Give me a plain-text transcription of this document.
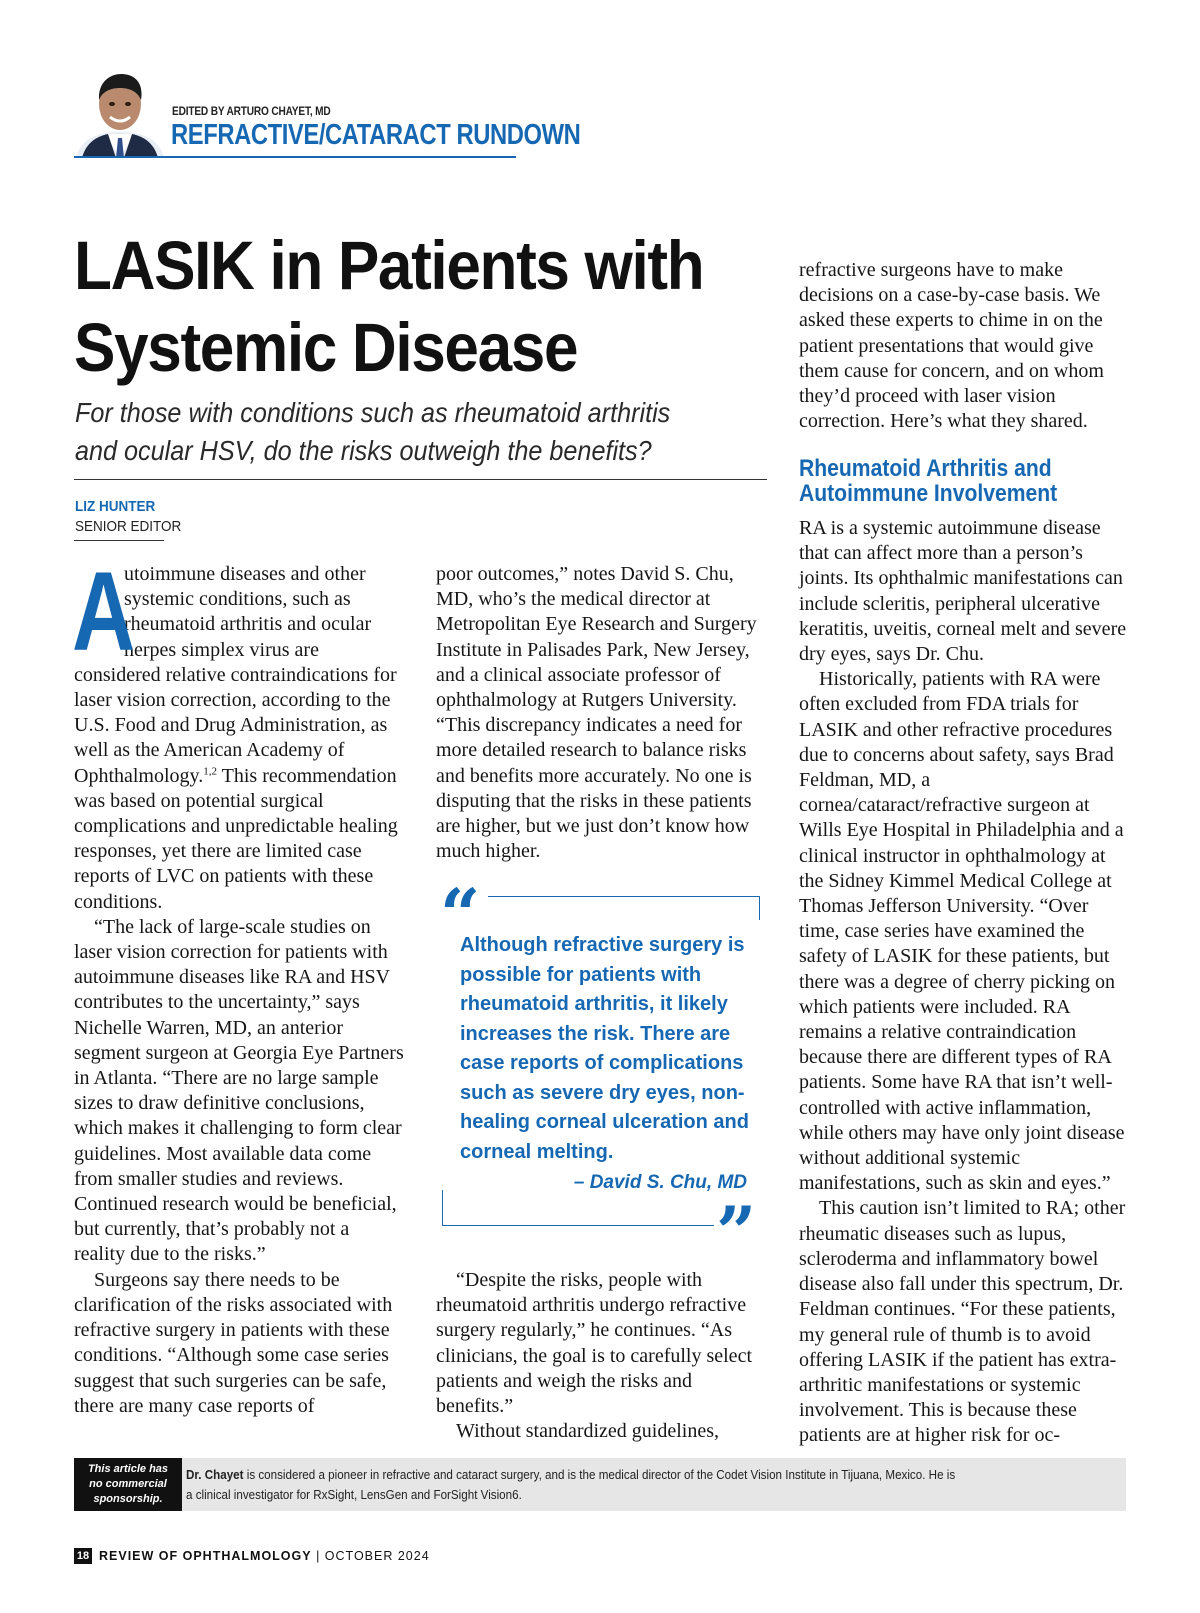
EDITED BY ARTURO CHAYET, MD
REFRACTIVE/CATARACT RUNDOWN
LASIK in Patients with Systemic Disease
For those with conditions such as rheumatoid arthritis and ocular HSV, do the risks outweigh the benefits?
LIZ HUNTER
SENIOR EDITOR

A
utoimmune diseases and other systemic conditions, such as rheumatoid arthritis and ocular herpes simplex virus are considered relative contraindications for laser vision correction, according to the U.S. Food and Drug Administration, as well as the American Academy of Ophthalmology.$^{1,2}$ This recommendation was based on potential surgical complications and unpredictable healing responses, yet there are limited case reports of LVC on patients with these conditions.

“The lack of large-scale studies on laser vision correction for patients with autoimmune diseases like RA and HSV contributes to the uncertainty,” says Nichelle Warren, MD, an anterior segment surgeon at Georgia Eye Partners in Atlanta. “There are no large sample sizes to draw definitive conclusions, which makes it challenging to form clear guidelines. Most available data come from smaller studies and reviews. Continued research would be beneficial, but currently, that’s probably not a reality due to the risks.”

Surgeons say there needs to be clarification of the risks associated with refractive surgery in patients with these conditions. “Although some case series suggest that such surgeries can be safe, there are many case reports of

poor outcomes,” notes David S. Chu, MD, who’s the medical director at Metropolitan Eye Research and Surgery Institute in Palisades Park, New Jersey, and a clinical associate professor of ophthalmology at Rutgers University. “This discrepancy indicates a need for more detailed research to balance risks and benefits more accurately. No one is disputing that the risks in these patients are higher, but we just don’t know how much higher.

“
Although refractive surgery is possible for patients with rheumatoid arthritis, it likely increases the risk. There are case reports of complications such as severe dry eyes, non-healing corneal ulceration and corneal melting.
– David S. Chu, MD
”

“Despite the risks, people with rheumatoid arthritis undergo refractive surgery regularly,” he continues. “As clinicians, the goal is to carefully select patients and weigh the risks and benefits.”

Without standardized guidelines,

refractive surgeons have to make decisions on a case-by-case basis. We asked these experts to chime in on the patient presentations that would give them cause for concern, and on whom they’d proceed with laser vision correction. Here’s what they shared.

Rheumatoid Arthritis and Autoimmune Involvement

RA is a systemic autoimmune disease that can affect more than a person’s joints. Its ophthalmic manifestations can include scleritis, peripheral ulcerative keratitis, uveitis, corneal melt and severe dry eyes, says Dr. Chu.

Historically, patients with RA were often excluded from FDA trials for LASIK and other refractive procedures due to concerns about safety, says Brad Feldman, MD, a cornea/cataract/refractive surgeon at Wills Eye Hospital in Philadelphia and a clinical instructor in ophthalmology at the Sidney Kimmel Medical College at Thomas Jefferson University. “Over time, case series have examined the safety of LASIK for these patients, but there was a degree of cherry picking on which patients were included. RA remains a relative contraindication because there are different types of RA patients. Some have RA that isn’t well-controlled with active inflammation, while others may have only joint disease without additional systemic manifestations, such as skin and eyes.”

This caution isn’t limited to RA; other rheumatic diseases such as lupus, scleroderma and inflammatory bowel disease also fall under this spectrum, Dr. Feldman continues. “For these patients, my general rule of thumb is to avoid offering LASIK if the patient has extra-arthritic manifestations or systemic involvement. This is because these patients are at higher risk for oc-

This article has no commercial sponsorship.
Dr. Chayet is considered a pioneer in refractive and cataract surgery, and is the medical director of the Codet Vision Institute in Tijuana, Mexico. He is a clinical investigator for RxSight, LensGen and ForSight Vision6.
18 REVIEW OF OPHTHALMOLOGY | OCTOBER 2024
